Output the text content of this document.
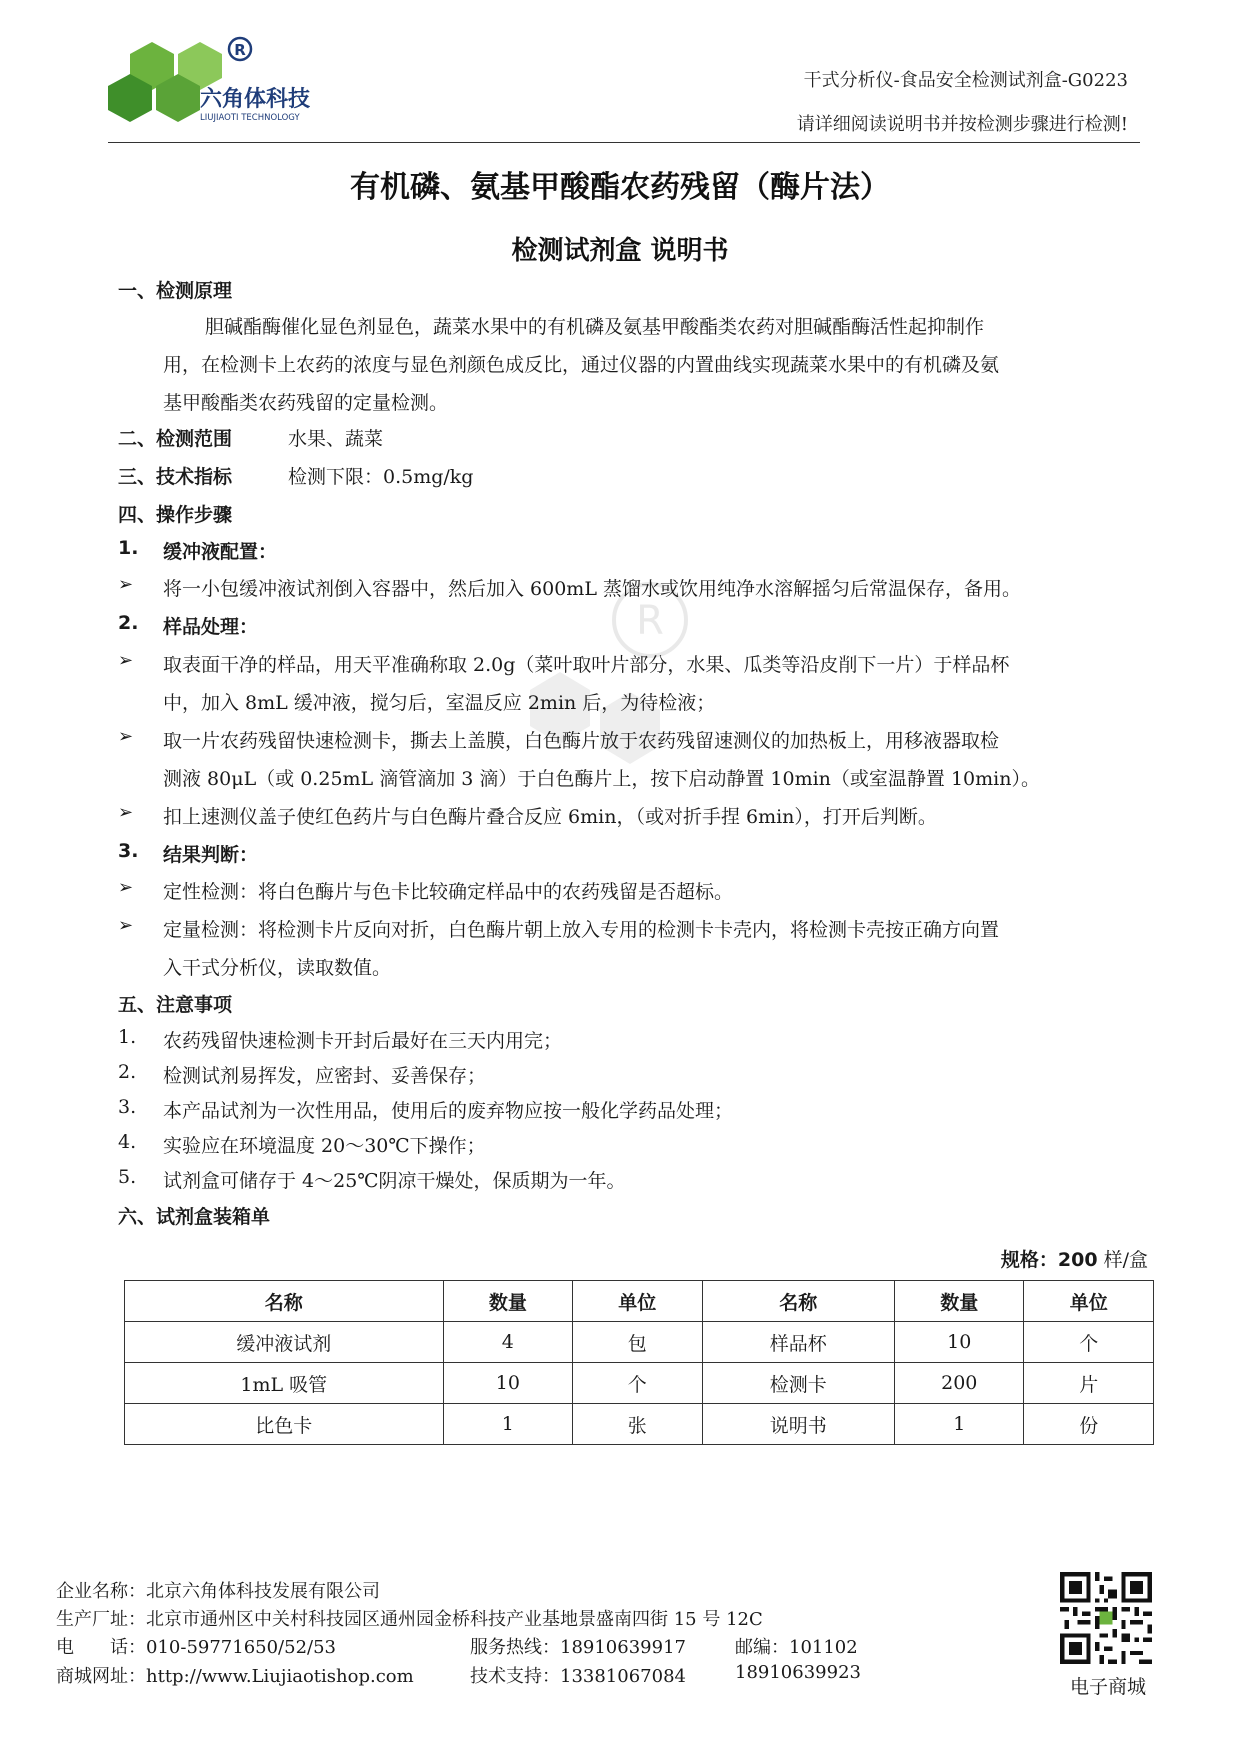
R
R
六角体科技
LIUJIAOTI TECHNOLOGY
干式分析仪-食品安全检测试剂盒-G0223
请详细阅读说明书并按检测步骤进行检测!
有机磷、氨基甲酸酯农药残留（酶片法）
检测试剂盒 说明书
一、检测原理
胆碱酯酶催化显色剂显色，蔬菜水果中的有机磷及氨基甲酸酯类农药对胆碱酯酶活性起抑制作
用，在检测卡上农药的浓度与显色剂颜色成反比，通过仪器的内置曲线实现蔬菜水果中的有机磷及氨
基甲酸酯类农药残留的定量检测。
二、检测范围	水果、蔬菜
三、技术指标	检测下限：0.5mg/kg
四、操作步骤
1. 缓冲液配置：
➢ 将一小包缓冲液试剂倒入容器中，然后加入 600mL 蒸馏水或饮用纯净水溶解摇匀后常温保存，备用。
2. 样品处理：
➢ 取表面干净的样品，用天平准确称取 2.0g（菜叶取叶片部分，水果、瓜类等沿皮削下一片）于样品杯
中，加入 8mL 缓冲液，搅匀后，室温反应 2min 后，为待检液；
➢ 取一片农药残留快速检测卡，撕去上盖膜，白色酶片放于农药残留速测仪的加热板上，用移液器取检
测液 80μL（或 0.25mL 滴管滴加 3 滴）于白色酶片上，按下启动静置 10min（或室温静置 10min）。
➢ 扣上速测仪盖子使红色药片与白色酶片叠合反应 6min，（或对折手捏 6min），打开后判断。
3. 结果判断：
➢ 定性检测：将白色酶片与色卡比较确定样品中的农药残留是否超标。
➢ 定量检测：将检测卡片反向对折，白色酶片朝上放入专用的检测卡卡壳内，将检测卡壳按正确方向置
入干式分析仪，读取数值。
五、注意事项
1. 农药残留快速检测卡开封后最好在三天内用完；
2. 检测试剂易挥发，应密封、妥善保存；
3. 本产品试剂为一次性用品，使用后的废弃物应按一般化学药品处理；
4. 实验应在环境温度 20～30℃下操作；
5. 试剂盒可储存于 4～25℃阴凉干燥处，保质期为一年。
六、试剂盒装箱单
规格：200 样/盒
名称	数量	单位	名称	数量	单位
缓冲液试剂	4	包	样品杯	10	个
1mL 吸管	10	个	检测卡	200	片
比色卡	1	张	说明书	1	份
企业名称：北京六角体科技发展有限公司
生产厂址：北京市通州区中关村科技园区通州园金桥科技产业基地景盛南四街 15 号 12C
电　　话：010-59771650/52/53	服务热线：18910639917	邮编：101102
商城网址：http://www.Liujiaotishop.com	技术支持：13381067084	18910639923
电子商城
